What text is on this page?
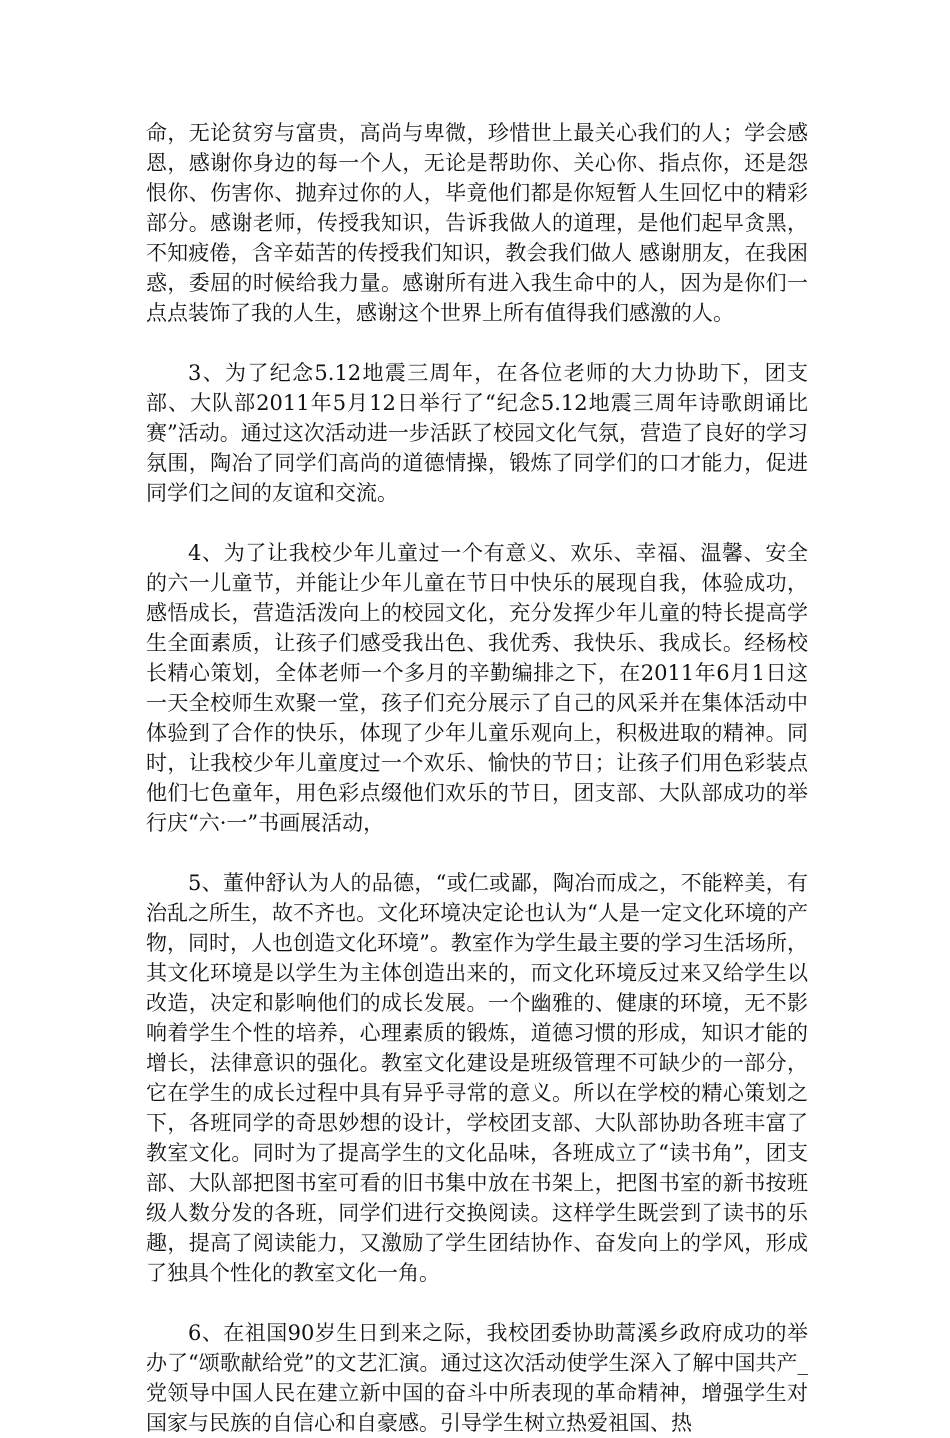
命，无论贫穷与富贵，高尚与卑微，珍惜世上最关心我们的人；学会感恩，感谢你身边的每一个人，无论是帮助你、关心你、指点你，还是怨恨你、伤害你、抛弃过你的人，毕竟他们都是你短暂人生回忆中的精彩部分。感谢老师，传授我知识，告诉我做人的道理，是他们起早贪黑，不知疲倦，含辛茹苦的传授我们知识，教会我们做人 感谢朋友，在我困惑，委屈的时候给我力量。感谢所有进入我生命中的人，因为是你们一点点装饰了我的人生，感谢这个世界上所有值得我们感激的人。

3、为了纪念5.12地震三周年，在各位老师的大力协助下，团支部、大队部2011年5月12日举行了“纪念5.12地震三周年诗歌朗诵比赛”活动。通过这次活动进一步活跃了校园文化气氛，营造了良好的学习氛围，陶冶了同学们高尚的道德情操，锻炼了同学们的口才能力，促进同学们之间的友谊和交流。

4、为了让我校少年儿童过一个有意义、欢乐、幸福、温馨、安全的六一儿童节，并能让少年儿童在节日中快乐的展现自我，体验成功，感悟成长，营造活泼向上的校园文化，充分发挥少年儿童的特长提高学生全面素质，让孩子们感受我出色、我优秀、我快乐、我成长。经杨校长精心策划，全体老师一个多月的辛勤编排之下，在2011年6月1日这一天全校师生欢聚一堂，孩子们充分展示了自己的风采并在集体活动中体验到了合作的快乐，体现了少年儿童乐观向上，积极进取的精神。同时，让我校少年儿童度过一个欢乐、愉快的节日；让孩子们用色彩装点他们七色童年，用色彩点缀他们欢乐的节日，团支部、大队部成功的举行庆“六·一”书画展活动，

5、董仲舒认为人的品德，“或仁或鄙，陶冶而成之，不能粹美，有治乱之所生，故不齐也。文化环境决定论也认为“人是一定文化环境的产物，同时，人也创造文化环境”。教室作为学生最主要的学习生活场所，其文化环境是以学生为主体创造出来的，而文化环境反过来又给学生以改造，决定和影响他们的成长发展。一个幽雅的、健康的环境，无不影响着学生个性的培养，心理素质的锻炼，道德习惯的形成，知识才能的增长，法律意识的强化。教室文化建设是班级管理不可缺少的一部分，它在学生的成长过程中具有异乎寻常的意义。所以在学校的精心策划之下，各班同学的奇思妙想的设计，学校团支部、大队部协助各班丰富了教室文化。同时为了提高学生的文化品味，各班成立了“读书角”，团支部、大队部把图书室可看的旧书集中放在书架上，把图书室的新书按班级人数分发的各班，同学们进行交换阅读。这样学生既尝到了读书的乐趣，提高了阅读能力，又激励了学生团结协作、奋发向上的学风，形成了独具个性化的教室文化一角。

6、在祖国90岁生日到来之际，我校团委协助蒿溪乡政府成功的举办了“颂歌献给党”的文艺汇演。通过这次活动使学生深入了解中国共产_党领导中国人民在建立新中国的奋斗中所表现的革命精神，增强学生对国家与民族的自信心和自豪感。引导学生树立热爱祖国、热
